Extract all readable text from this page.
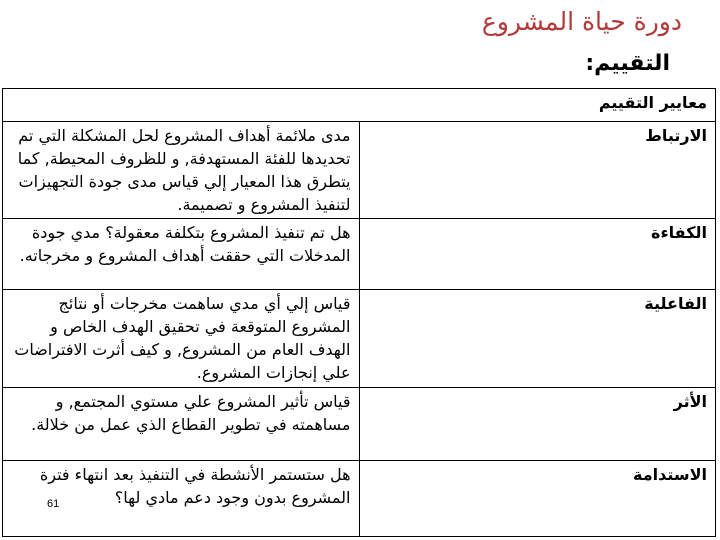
دورة حياة المشروع
التقييم:
معايير التقييم	
الارتباط	مدى ملائمة أهداف المشروع لحل المشكلة التي تم تحديدها للفئة المستهدفة, و للظروف المحيطة, كما يتطرق هذا المعيار إلي قياس مدى جودة التجهيزات لتنفيذ المشروع و تصميمة.
الكفاءة	هل تم تنفيذ المشروع بتكلفة معقولة؟ مدي جودة المدخلات التي حققت أهداف المشروع و مخرجاته.
الفاعلية	قياس إلي أي مدي ساهمت مخرجات أو نتائج المشروع المتوقعة في تحقيق الهدف الخاص و الهدف العام من المشروع, و كيف أثرت الافتراضات علي إنجازات المشروع.
الأثر	قياس تأثير المشروع علي مستوي المجتمع, و مساهمته في تطوير القطاع الذي عمل من خلالة.
الاستدامة	هل ستستمر الأنشطة في التنفيذ بعد انتهاء فترة المشروع بدون وجود دعم مادي لها؟
61
